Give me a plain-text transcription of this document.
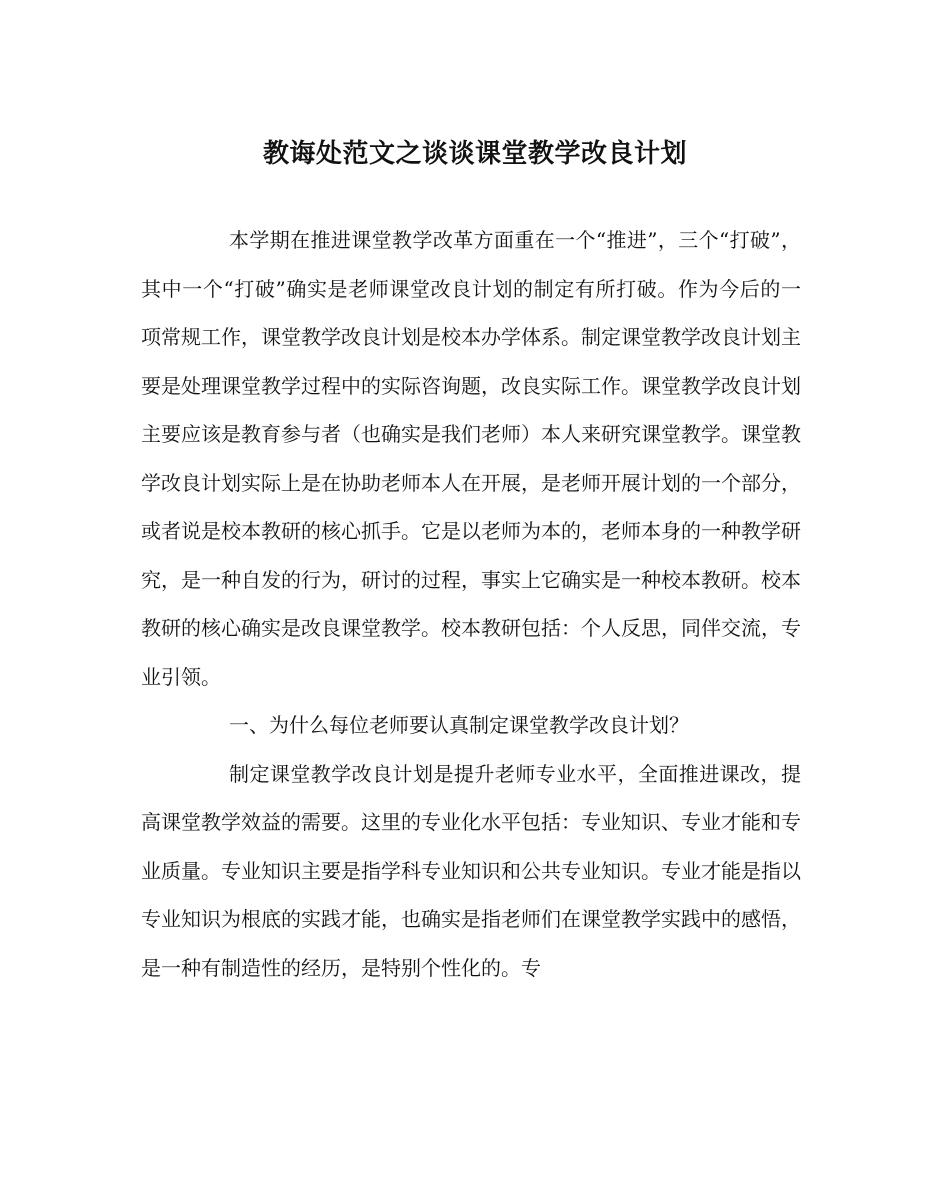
教诲处范文之谈谈课堂教学改良计划

本学期在推进课堂教学改革方面重在一个“推进”，三个“打破”，其中一个“打破”确实是老师课堂改良计划的制定有所打破。作为今后的一项常规工作，课堂教学改良计划是校本办学体系。制定课堂教学改良计划主要是处理课堂教学过程中的实际咨询题，改良实际工作。课堂教学改良计划主要应该是教育参与者（也确实是我们老师）本人来研究课堂教学。课堂教学改良计划实际上是在协助老师本人在开展，是老师开展计划的一个部分，或者说是校本教研的核心抓手。它是以老师为本的，老师本身的一种教学研究，是一种自发的行为，研讨的过程，事实上它确实是一种校本教研。校本教研的核心确实是改良课堂教学。校本教研包括：个人反思，同伴交流，专业引领。

一、为什么每位老师要认真制定课堂教学改良计划？

制定课堂教学改良计划是提升老师专业水平，全面推进课改，提高课堂教学效益的需要。这里的专业化水平包括：专业知识、专业才能和专业质量。专业知识主要是指学科专业知识和公共专业知识。专业才能是指以专业知识为根底的实践才能，也确实是指老师们在课堂教学实践中的感悟，是一种有制造性的经历，是特别个性化的。专
